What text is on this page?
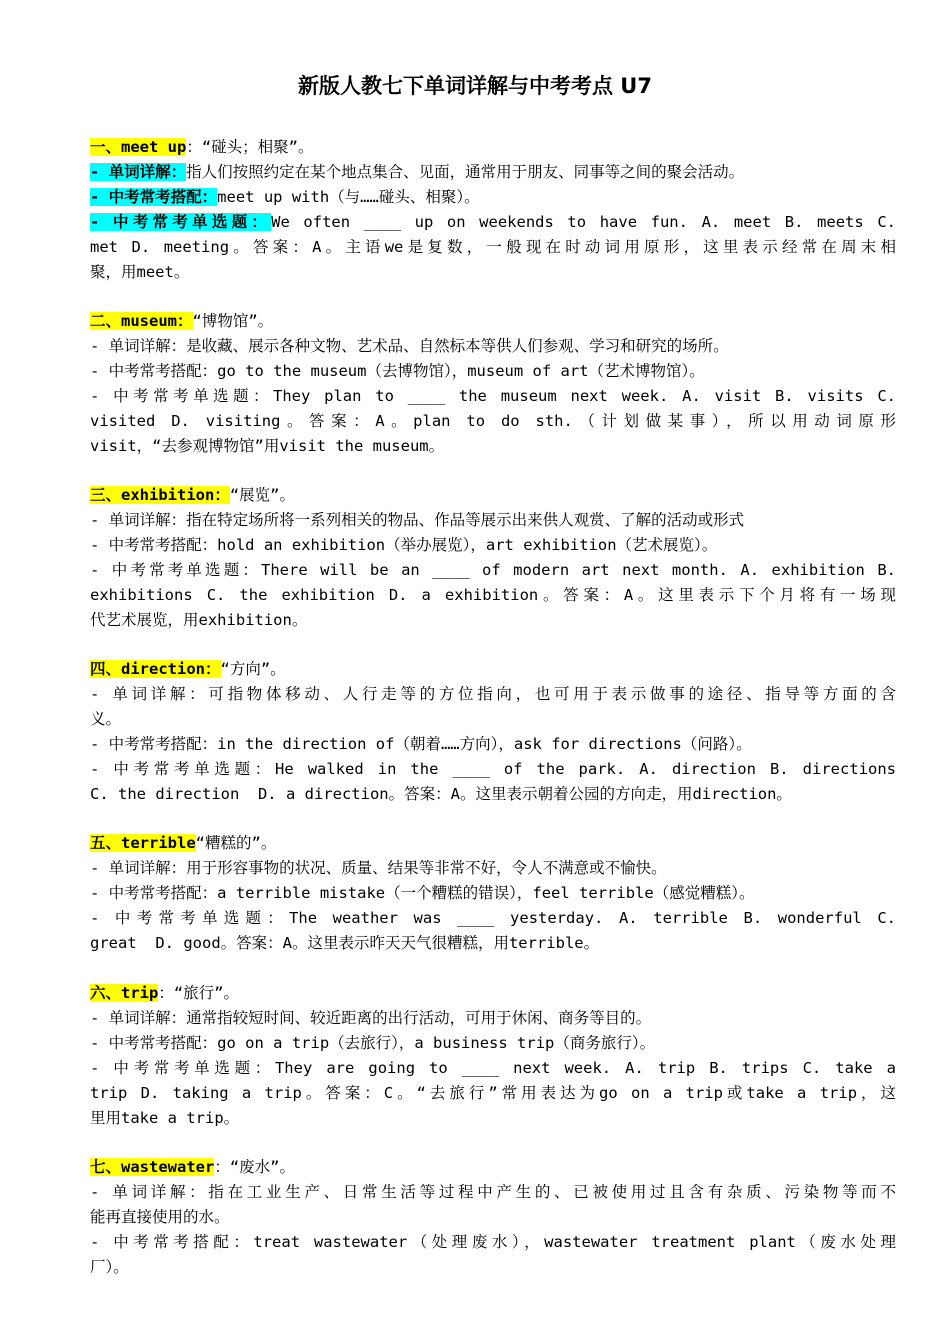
新版人教七下单词详解与中考考点 U7
一、meet up：“碰头；相聚”。
- 单词详解：指人们按照约定在某个地点集合、见面，通常用于朋友、同事等之间的聚会活动。
- 中考常考搭配：meet up with（与……碰头、相聚）。
- 中考常考单选题：We often ____ up on weekends to have fun. A. meet B. meets C.
met D. meeting。答案：A。主语we是复数，一般现在时动词用原形，这里表示经常在周末相
聚，用meet。
二、museum：“博物馆”。
- 单词详解：是收藏、展示各种文物、艺术品、自然标本等供人们参观、学习和研究的场所。
- 中考常考搭配：go to the museum（去博物馆），museum of art（艺术博物馆）。
- 中考常考单选题：They plan to ____ the museum next week. A. visit B. visits C.
visited D. visiting。答案：A。plan to do sth.（计划做某事），所以用动词原形
visit，“去参观博物馆”用visit the museum。
三、exhibition：“展览”。
- 单词详解：指在特定场所将一系列相关的物品、作品等展示出来供人观赏、了解的活动或形式
- 中考常考搭配：hold an exhibition（举办展览），art exhibition（艺术展览）。
- 中考常考单选题：There will be an ____ of modern art next month. A. exhibition B.
exhibitions C. the exhibition D. a exhibition。答案：A。这里表示下个月将有一场现
代艺术展览，用exhibition。
四、direction：“方向”。
- 单词详解：可指物体移动、人行走等的方位指向，也可用于表示做事的途径、指导等方面的含
义。
- 中考常考搭配：in the direction of（朝着……方向），ask for directions（问路）。
- 中考常考单选题：He walked in the ____ of the park. A. direction B. directions
C. the direction  D. a direction。答案：A。这里表示朝着公园的方向走，用direction。
五、terrible“糟糕的”。
- 单词详解：用于形容事物的状况、质量、结果等非常不好，令人不满意或不愉快。
- 中考常考搭配：a terrible mistake（一个糟糕的错误），feel terrible（感觉糟糕）。
- 中考常考单选题：The weather was ____ yesterday. A. terrible B. wonderful C.
great  D. good。答案：A。这里表示昨天天气很糟糕，用terrible。
六、trip：“旅行”。
- 单词详解：通常指较短时间、较近距离的出行活动，可用于休闲、商务等目的。
- 中考常考搭配：go on a trip（去旅行），a business trip（商务旅行）。
- 中考常考单选题：They are going to ____ next week. A. trip B. trips C. take a
trip D. taking a trip。答案：C。“去旅行”常用表达为go on a trip或take a trip，这
里用take a trip。
七、wastewater：“废水”。
- 单词详解：指在工业生产、日常生活等过程中产生的、已被使用过且含有杂质、污染物等而不
能再直接使用的水。
- 中考常考搭配：treat wastewater（处理废水），wastewater treatment plant（废水处理
厂）。
